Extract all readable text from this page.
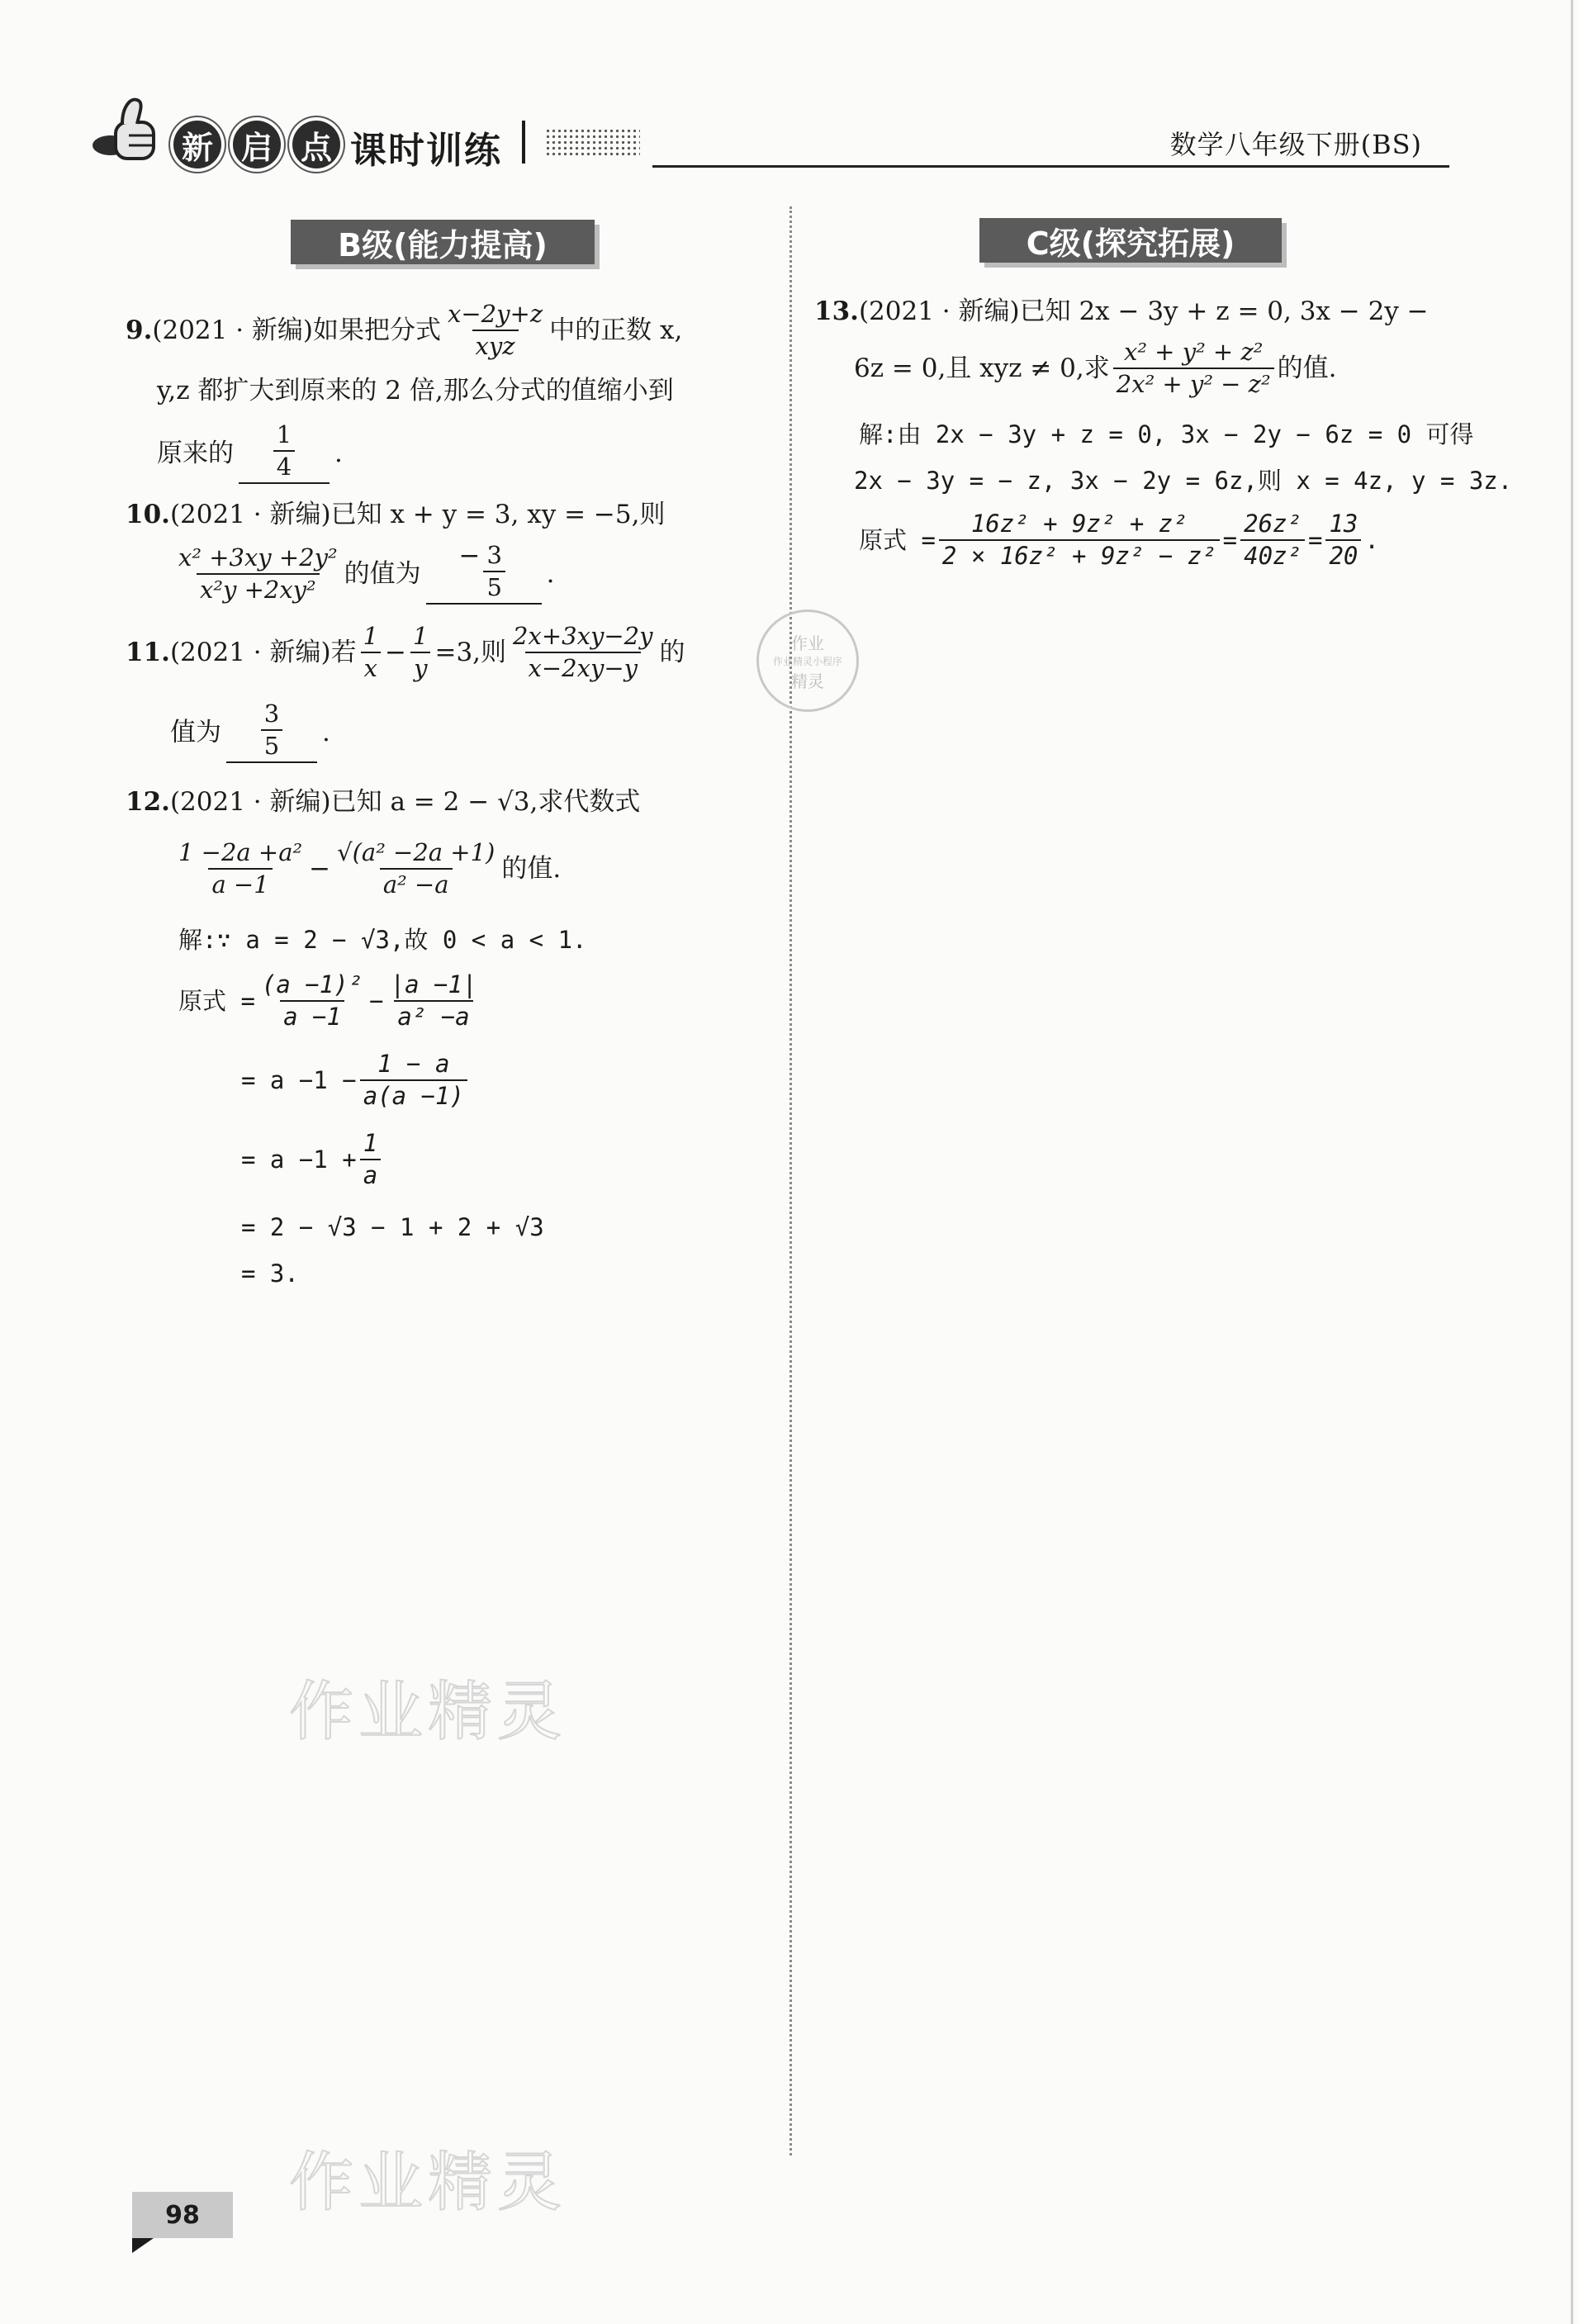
新 启 点 课时训练	数学八年级下册(BS)
B级(能力提高)	C级(探究拓展)
9. (2021 · 新编) 如果把分式 $\frac{x-2y+z}{\text{xyz}}$ 中的正数 x,
y,z 都扩大到原来的 2 倍,那么分式的值缩小到
原来的 $\frac{1}{4}$ .
10. (2021 · 新编) 已知 x + y = 3, xy = −5,则
$\frac{\text{x² +3xy +2y²}}{\text{x²y +2xy²}}$ 的值为
− $\frac{3}{5}$ .
11. (2021 · 新编) 若 $\frac{1}{x} - \frac{1}{y} =3$,则 $\frac{2x+3xy-2y}{x-2xy-y}$ 的
值为 $\frac{3}{5}$ .
12. (2021 · 新编) 已知 a = 2 − √3,求代数式
$\frac{\text{1 −2a +a²}}{a -1} - \frac{\text{√(a² −2a +1)}}{\text{a² −a}}$ 的值.
解:∵ a = 2 − √3,故 0 < a < 1.
原式 = $\frac{\text{(a −1)²}}{a -1} - \frac{|a -1|}{\text{a² −a}}$
= $a -1 - \frac{1 - a}{a(a -1)}$
= $a -1 + \frac{1}{a}$
= 2 − √3 − 1 + 2 + √3
= 3.
13. (2021 · 新编) 已知 2x − 3y + z = 0, 3x − 2y −
6z = 0,且 xyz ≠ 0,求 $\frac{\text{x² + y² + z²}}{\text{2x² + y² − z²}}$ 的值.
解:由 2x − 3y + z = 0, 3x − 2y − 6z = 0 可得
2x − 3y = − z, 3x − 2y = 6z,则 x = 4z, y = 3z.
原式 = $\frac{\text{16z² + 9z² + z²}}{\text{2 × 16z² + 9z² − z²}} = \frac{\text{26z²}}{\text{40z²}} = \frac{13}{20}$ .
作业
作业精灵小程序
精灵
作业精灵
作业精灵
98
